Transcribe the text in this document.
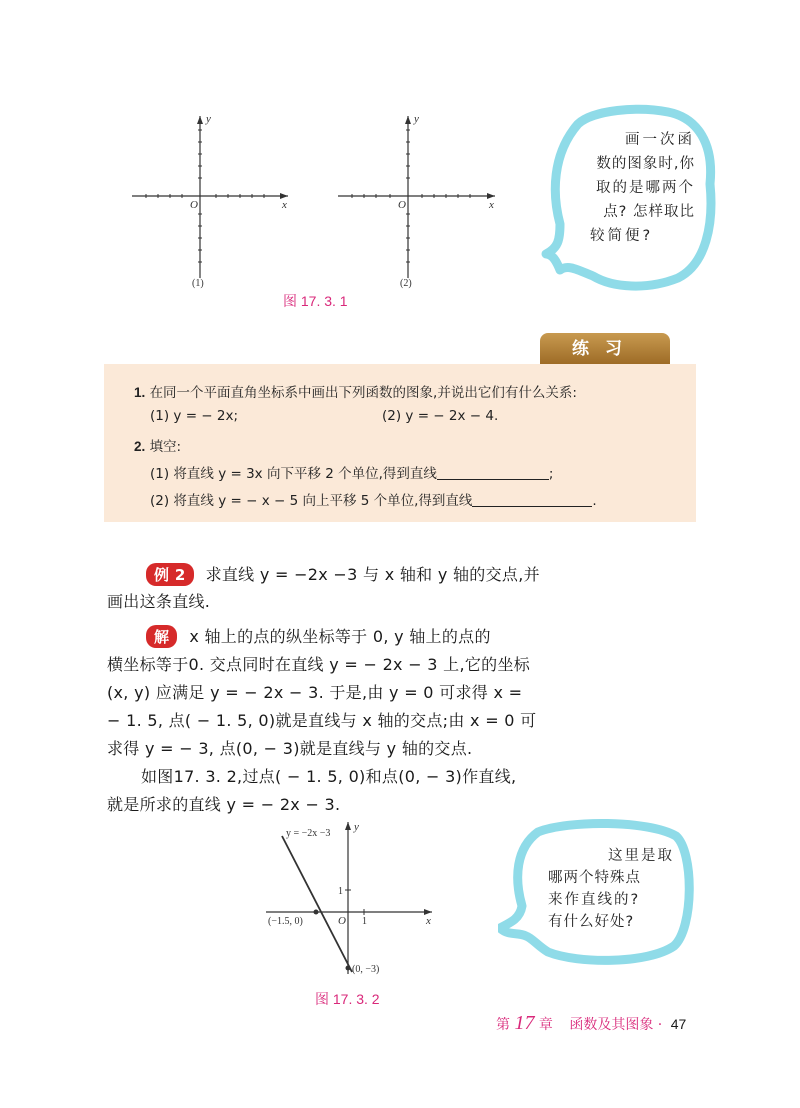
y
x
O
y
x
O
(1)	(2)
图 17. 3. 1
画一次函
数的图象时,你
取的是哪两个
点? 怎样取比
较简便?
练习
1. 在同一个平面直角坐标系中画出下列函数的图象,并说出它们有什么关系:
(1) y = − 2x;	(2) y = − 2x − 4.
2. 填空:
(1) 将直线 y = 3x 向下平移 2 个单位,得到直线	;
(2) 将直线 y = − x − 5 向上平移 5 个单位,得到直线	.
例 2 求直线 y = −2x −3 与 x 轴和 y 轴的交点,并
画出这条直线.
解 x 轴上的点的纵坐标等于 0, y 轴上的点的
横坐标等于0. 交点同时在直线 y = − 2x − 3 上,它的坐标
(x, y) 应满足 y = − 2x − 3. 于是,由 y = 0 可求得 x =
− 1. 5, 点( − 1. 5, 0)就是直线与 x 轴的交点;由 x = 0 可
求得 y = − 3, 点(0, − 3)就是直线与 y 轴的交点.
如图17. 3. 2,过点( − 1. 5, 0)和点(0, − 3)作直线,
就是所求的直线 y = − 2x − 3.
y = −2x −3
(−1.5, 0)
(0, −3)
O 1
1
x
y
图 17. 3. 2
这里是取
哪两个特殊点
来作直线的?
有什么好处?
第 17 章 函数及其图象 · 47
